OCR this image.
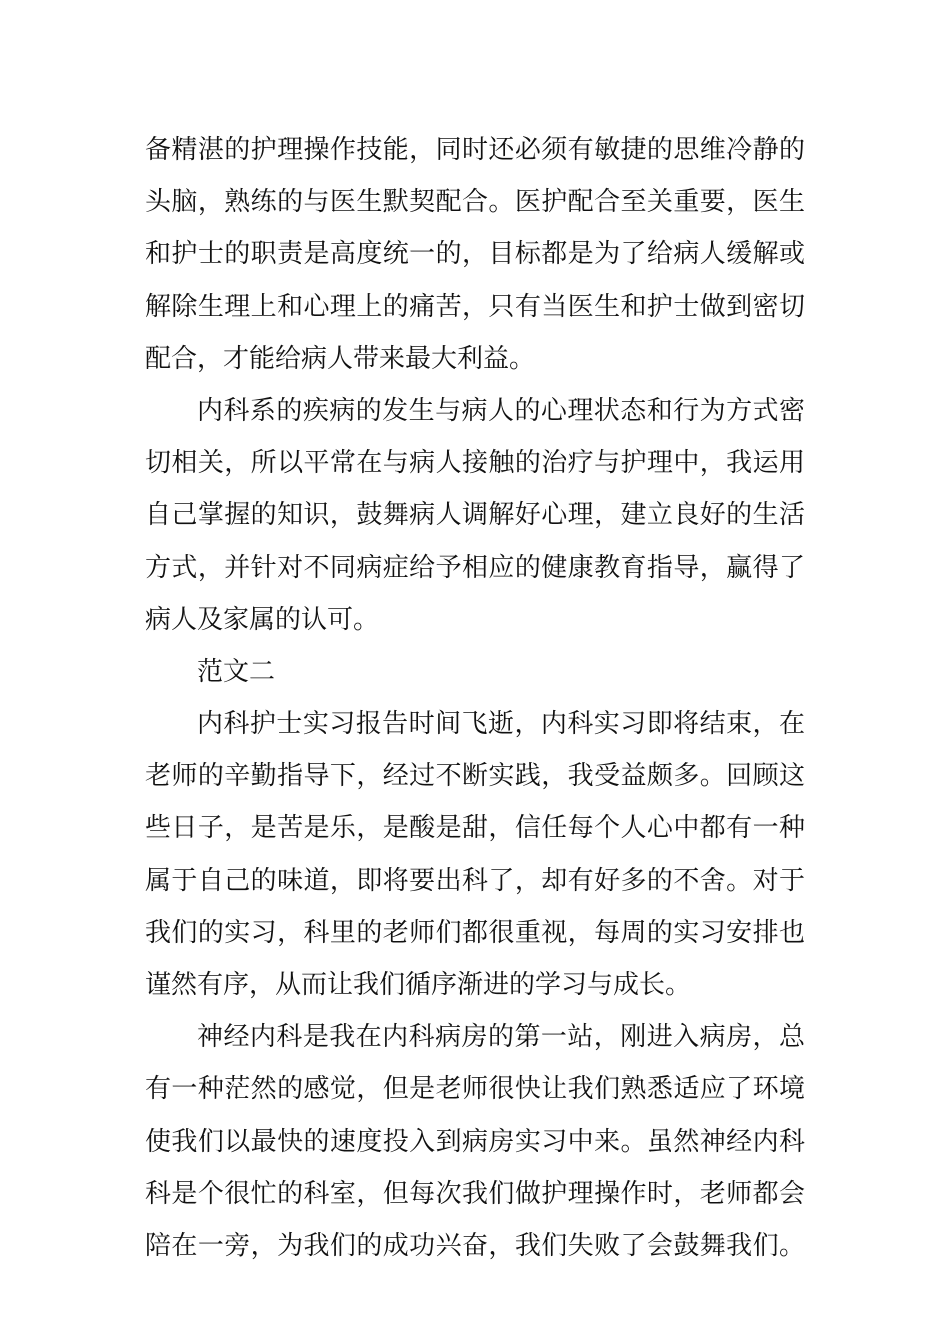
备精湛的护理操作技能，同时还必须有敏捷的思维冷静的
头脑，熟练的与医生默契配合。医护配合至关重要，医生
和护士的职责是高度统一的，目标都是为了给病人缓解或
解除生理上和心理上的痛苦，只有当医生和护士做到密切
配合，才能给病人带来最大利益。
内科系的疾病的发生与病人的心理状态和行为方式密
切相关，所以平常在与病人接触的治疗与护理中，我运用
自己掌握的知识，鼓舞病人调解好心理，建立良好的生活
方式，并针对不同病症给予相应的健康教育指导，赢得了
病人及家属的认可。
范文二
内科护士实习报告时间飞逝，内科实习即将结束，在
老师的辛勤指导下，经过不断实践，我受益颇多。回顾这
些日子，是苦是乐，是酸是甜，信任每个人心中都有一种
属于自己的味道，即将要出科了，却有好多的不舍。对于
我们的实习，科里的老师们都很重视，每周的实习安排也
谨然有序，从而让我们循序渐进的学习与成长。
神经内科是我在内科病房的第一站，刚进入病房，总
有一种茫然的感觉，但是老师很快让我们熟悉适应了环境
使我们以最快的速度投入到病房实习中来。虽然神经内科
科是个很忙的科室，但每次我们做护理操作时，老师都会
陪在一旁，为我们的成功兴奋，我们失败了会鼓舞我们。
